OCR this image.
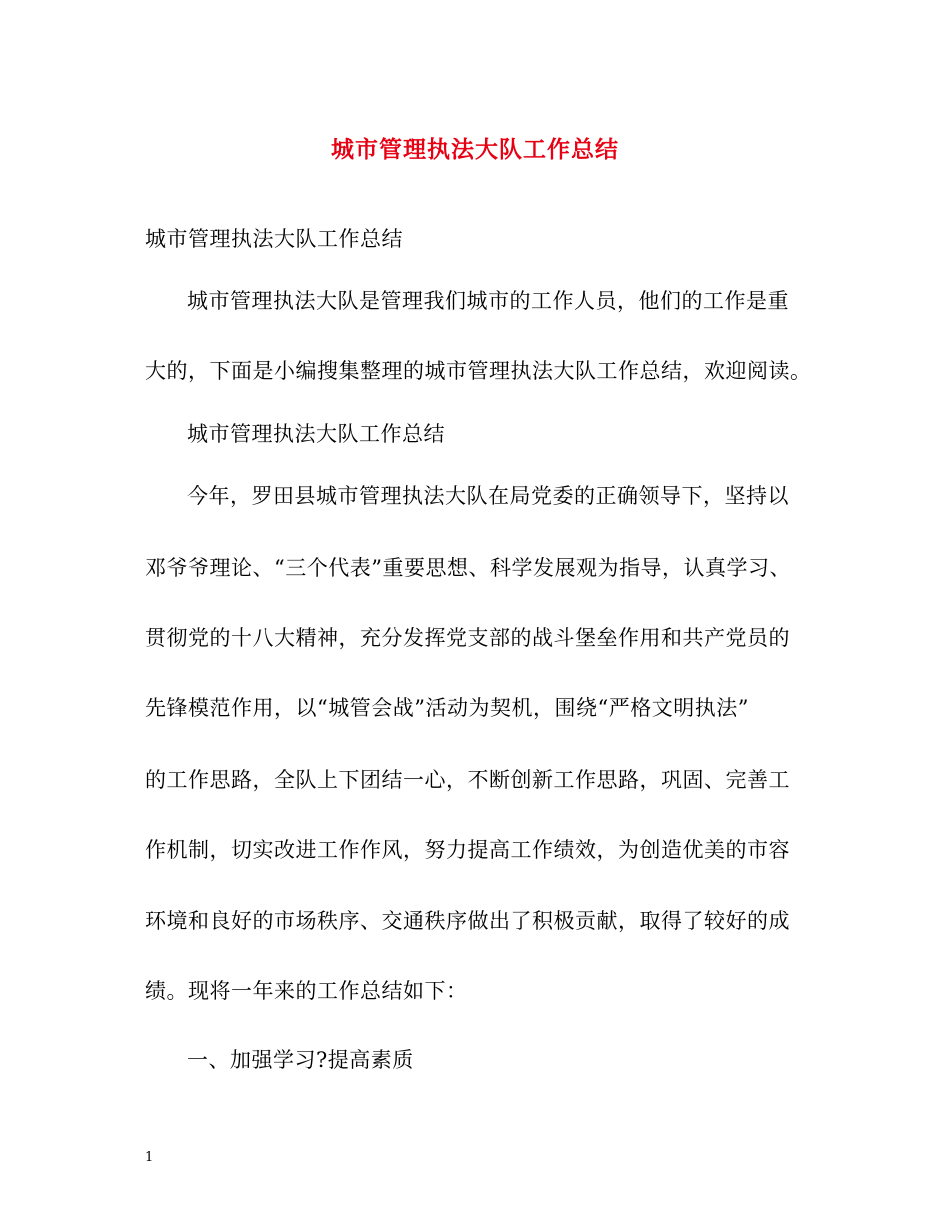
城市管理执法大队工作总结
城市管理执法大队工作总结
城市管理执法大队是管理我们城市的工作人员，他们的工作是重
大的，下面是小编搜集整理的城市管理执法大队工作总结，欢迎阅读。
城市管理执法大队工作总结
今年，罗田县城市管理执法大队在局党委的正确领导下，坚持以
邓爷爷理论、“三个代表”重要思想、科学发展观为指导，认真学习、
贯彻党的十八大精神，充分发挥党支部的战斗堡垒作用和共产党员的
先锋模范作用，以“城管会战”活动为契机，围绕“严格文明执法”
的工作思路，全队上下团结一心，不断创新工作思路，巩固、完善工
作机制，切实改进工作作风，努力提高工作绩效，为创造优美的市容
环境和良好的市场秩序、交通秩序做出了积极贡献，取得了较好的成
绩。现将一年来的工作总结如下：
一、加强学习?提高素质
1
